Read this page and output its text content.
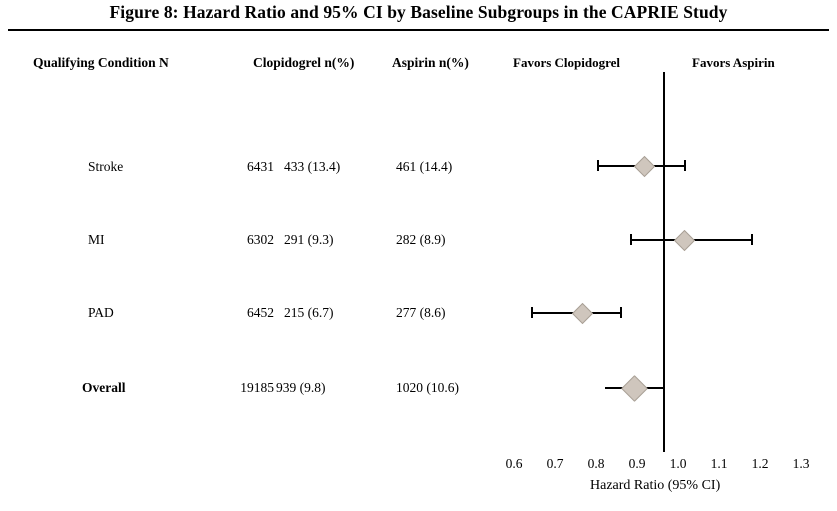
Figure 8: Hazard Ratio and 95% CI by Baseline Subgroups in the CAPRIE Study
Qualifying Condition N	Clopidogrel n(%)	Aspirin n(%)	Favors Clopidogrel	Favors Aspirin
Stroke	6431 433 (13.4)	461 (14.4)
MI	6302 291 (9.3)	282 (8.9)
PAD	6452 215 (6.7)	277 (8.6)
Overall	19185 939 (9.8)	1020 (10.6)
0.6	0.7	0.8	0.9	1.0	1.1	1.2	1.3
Hazard Ratio (95% CI)
